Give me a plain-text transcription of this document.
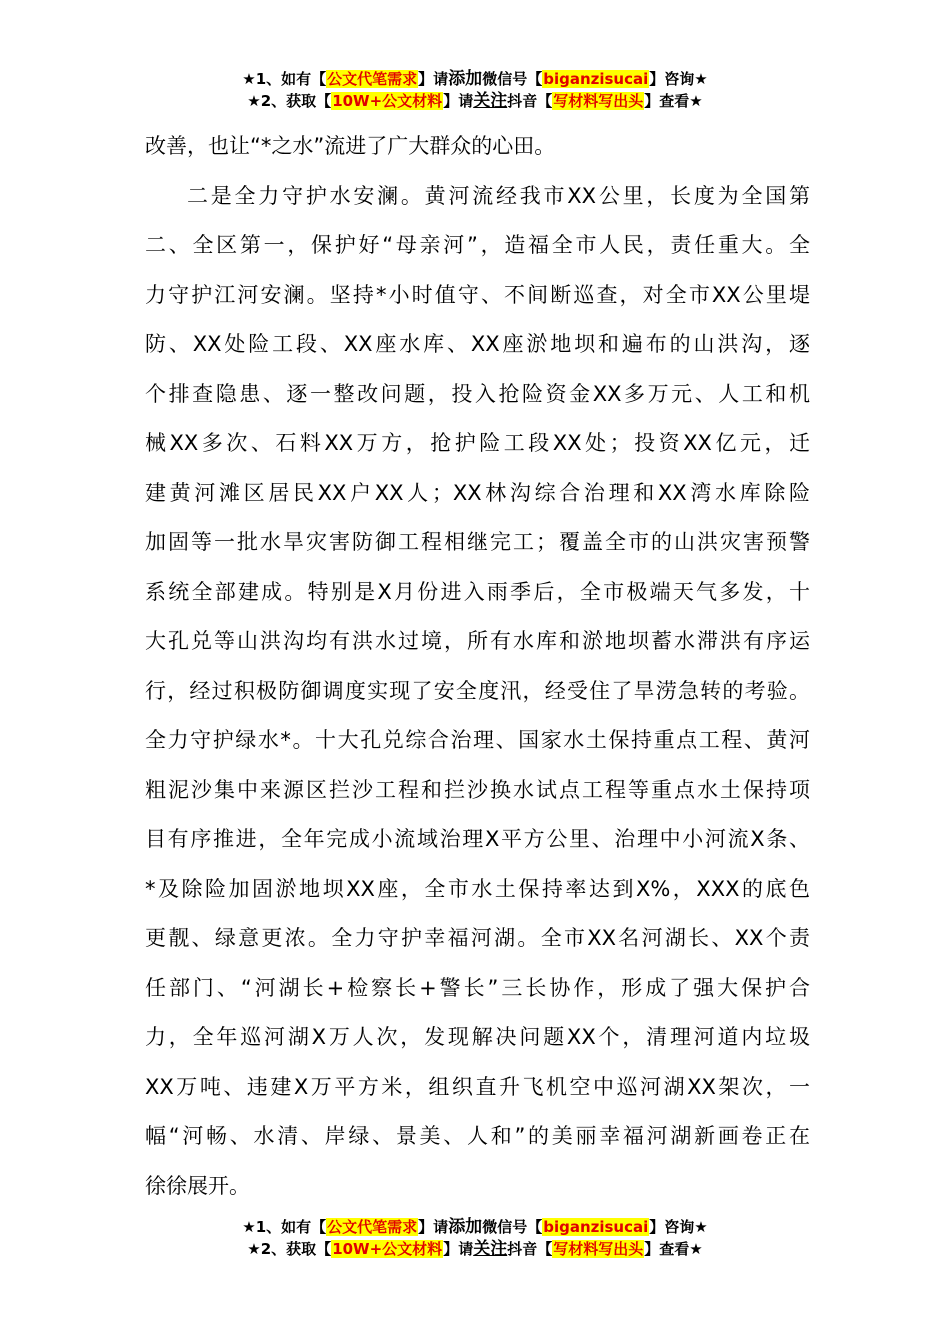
★1、如有【公文代笔需求】请添加微信号【biganzisucai】咨询★
★2、获取【10W+公文材料】请关注抖音【写材料写出头】查看★
改善，也让“*之水”流进了广大群众的心田。
二是全力守护水安澜。黄河流经我市XX公里，长度为全国第
二、全区第一，保护好“母亲河”，造福全市人民，责任重大。全
力守护江河安澜。坚持*小时值守、不间断巡查，对全市XX公里堤
防、XX处险工段、XX座水库、XX座淤地坝和遍布的山洪沟，逐
个排查隐患、逐一整改问题，投入抢险资金XX多万元、人工和机
械XX多次、石料XX万方，抢护险工段XX处；投资XX亿元，迁
建黄河滩区居民XX户XX人；XX林沟综合治理和XX湾水库除险
加固等一批水旱灾害防御工程相继完工；覆盖全市的山洪灾害预警
系统全部建成。特别是X月份进入雨季后，全市极端天气多发，十
大孔兑等山洪沟均有洪水过境，所有水库和淤地坝蓄水滞洪有序运
行，经过积极防御调度实现了安全度汛，经受住了旱涝急转的考验。
全力守护绿水*。十大孔兑综合治理、国家水土保持重点工程、黄河
粗泥沙集中来源区拦沙工程和拦沙换水试点工程等重点水土保持项
目有序推进，全年完成小流域治理X平方公里、治理中小河流X条、
*及除险加固淤地坝XX座，全市水土保持率达到X%，XXX的底色
更靓、绿意更浓。全力守护幸福河湖。全市XX名河湖长、XX个责
任部门、“河湖长+检察长+警长”三长协作，形成了强大保护合
力，全年巡河湖X万人次，发现解决问题XX个，清理河道内垃圾
XX万吨、违建X万平方米，组织直升飞机空中巡河湖XX架次，一
幅“河畅、水清、岸绿、景美、人和”的美丽幸福河湖新画卷正在
徐徐展开。
★1、如有【公文代笔需求】请添加微信号【biganzisucai】咨询★
★2、获取【10W+公文材料】请关注抖音【写材料写出头】查看★
